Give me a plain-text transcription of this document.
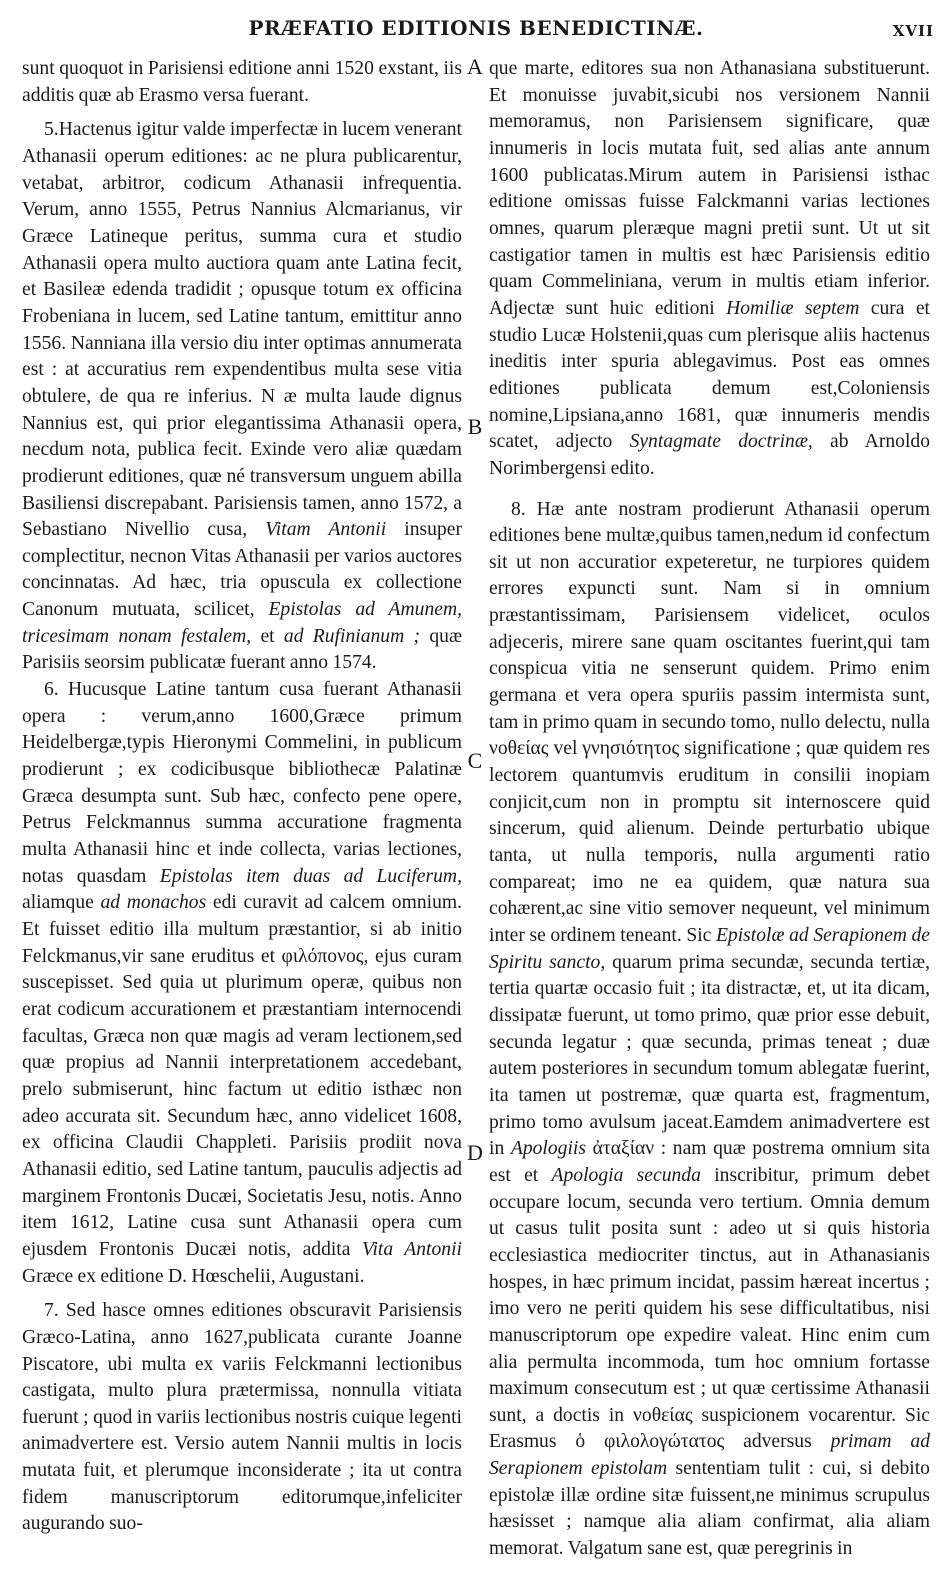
PRÆFATIO EDITIONIS BENEDICTINÆ.	XVII
A
B
C
D

sunt quoquot in Parisiensi editione anni 1520 exstant, iis additis quæ ab Erasmo versa fuerant.

5.Hactenus igitur valde imperfectæ in lucem venerant Athanasii operum editiones: ac ne plura publicarentur, vetabat, arbitror, codicum Athanasii infrequentia. Verum, anno 1555, Petrus Nannius Alcmarianus, vir Græce Latineque peritus, summa cura et studio Athanasii opera multo auctiora quam ante Latina fecit, et Basileæ edenda tradidit ; opusque totum ex officina Frobeniana in lucem, sed Latine tantum, emittitur anno 1556. Nanniana illa versio diu inter optimas annumerata est : at accuratius rem expendentibus multa sese vitia obtulere, de qua re inferius. N æ multa laude dignus Nannius est, qui prior elegantissima Athanasii opera, necdum nota, publica fecit. Exinde vero aliæ quædam prodierunt editiones, quæ né transversum unguem abilla Basiliensi discrepabant. Parisiensis tamen, anno 1572, a Sebastiano Nivellio cusa, Vitam Antonii insuper complectitur, necnon Vitas Athanasii per varios auctores concinnatas. Ad hæc, tria opuscula ex collectione Canonum mutuata, scilicet, Epistolas ad Amunem, tricesimam nonam festalem, et ad Rufinianum ; quæ Parisiis seorsim publicatæ fuerant anno 1574.

6. Hucusque Latine tantum cusa fuerant Athanasii opera : verum,anno 1600,Græce primum Heidelbergæ,typis Hieronymi Commelini, in publicum prodierunt ; ex codicibusque bibliothecæ Palatinæ Græca desumpta sunt. Sub hæc, confecto pene opere, Petrus Felckmannus summa accuratione fragmenta multa Athanasii hinc et inde collecta, varias lectiones, notas quasdam Epistolas item duas ad Luciferum, aliamque ad monachos edi curavit ad calcem omnium. Et fuisset editio illa multum præstantior, si ab initio Felckmanus,vir sane eruditus et φιλόπονος, ejus curam suscepisset. Sed quia ut plurimum operæ, quibus non erat codicum accurationem et præstantiam internocendi facultas, Græca non quæ magis ad veram lectionem,sed quæ propius ad Nannii interpretationem accedebant, prelo submiserunt, hinc factum ut editio isthæc non adeo accurata sit. Secundum hæc, anno videlicet 1608, ex officina Claudii Chappleti. Parisiis prodiit nova Athanasii editio, sed Latine tantum, pauculis adjectis ad marginem Frontonis Ducæi, Societatis Jesu, notis. Anno item 1612, Latine cusa sunt Athanasii opera cum ejusdem Frontonis Ducæi notis, addita Vita Antonii Græce ex editione D. Hœschelii, Augustani.

7. Sed hasce omnes editiones obscuravit Parisiensis Græco-Latina, anno 1627,publicata curante Joanne Piscatore, ubi multa ex variis Felckmanni lectionibus castigata, multo plura prætermissa, nonnulla vitiata fuerunt ; quod in variis lectionibus nostris cuique legenti animadvertere est. Versio autem Nannii multis in locis mutata fuit, et plerumque inconsiderate ; ita ut contra fidem manuscriptorum editorumque,infeliciter augurando suo-

que marte, editores sua non Athanasiana substituerunt. Et monuisse juvabit,sicubi nos versionem Nannii memoramus, non Parisiensem significare, quæ innumeris in locis mutata fuit, sed alias ante annum 1600 publicatas.Mirum autem in Parisiensi isthac editione omissas fuisse Falckmanni varias lectiones omnes, quarum pleræque magni pretii sunt. Ut ut sit castigatior tamen in multis est hæc Parisiensis editio quam Commeliniana, verum in multis etiam inferior. Adjectæ sunt huic editioni Homiliæ septem cura et studio Lucæ Holstenii,quas cum plerisque aliis hactenus ineditis inter spuria ablegavimus. Post eas omnes editiones publicata demum est,Coloniensis nomine,Lipsiana,anno 1681, quæ innumeris mendis scatet, adjecto Syntagmate doctrinæ, ab Arnoldo Norimbergensi edito.

8. Hæ ante nostram prodierunt Athanasii operum editiones bene multæ,quibus tamen,nedum id confectum sit ut non accuratior expeteretur, ne turpiores quidem errores expuncti sunt. Nam si in omnium præstantissimam, Parisiensem videlicet, oculos adjeceris, mirere sane quam oscitantes fuerint,qui tam conspicua vitia ne senserunt quidem. Primo enim germana et vera opera spuriis passim intermista sunt, tam in primo quam in secundo tomo, nullo delectu, nulla νοθείας vel γνησιότητος significatione ; quæ quidem res lectorem quantumvis eruditum in consilii inopiam conjicit,cum non in promptu sit internoscere quid sincerum, quid alienum. Deinde perturbatio ubique tanta, ut nulla temporis, nulla argumenti ratio compareat; imo ne ea quidem, quæ natura sua cohærent,ac sine vitio semover nequeunt, vel minimum inter se ordinem teneant. Sic Epistolæ ad Serapionem de Spiritu sancto, quarum prima secundæ, secunda tertiæ, tertia quartæ occasio fuit ; ita distractæ, et, ut ita dicam, dissipatæ fuerunt, ut tomo primo, quæ prior esse debuit, secunda legatur ; quæ secunda, primas teneat ; duæ autem posteriores in secundum tomum ablegatæ fuerint, ita tamen ut postremæ, quæ quarta est, fragmentum, primo tomo avulsum jaceat.Eamdem animadvertere est in Apologiis ἀταξίαν : nam quæ postrema omnium sita est et Apologia secunda inscribitur, primum debet occupare locum, secunda vero tertium. Omnia demum ut casus tulit posita sunt : adeo ut si quis historia ecclesiastica mediocriter tinctus, aut in Athanasianis hospes, in hæc primum incidat, passim hæreat incertus ; imo vero ne periti quidem his sese difficultatibus, nisi manuscriptorum ope expedire valeat. Hinc enim cum alia permulta incommoda, tum hoc omnium fortasse maximum consecutum est ; ut quæ certissime Athanasii sunt, a doctis in νοθείας suspicionem vocarentur. Sic Erasmus ὁ φιλολογώτατος adversus primam ad Serapionem epistolam sententiam tulit : cui, si debito epistolæ illæ ordine sitæ fuissent,ne minimus scrupulus hæsisset ; namque alia aliam confirmat, alia aliam memorat. Valgatum sane est, quæ peregrinis in
